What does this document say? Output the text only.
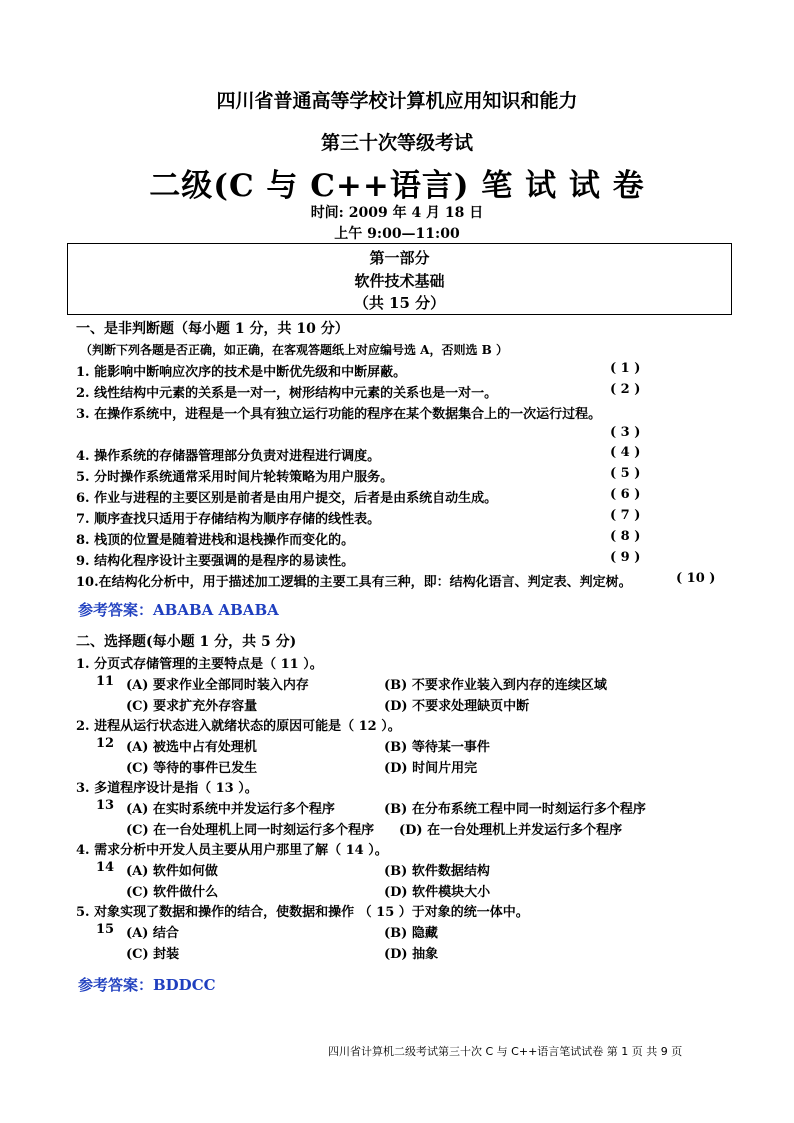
四川省普通高等学校计算机应用知识和能力
第三十次等级考试
二级(C 与 C++语言) 笔 试 试 卷
时间: 2009 年 4 月 18 日
上午 9:00—11:00
第一部分
软件技术基础
（共 15 分）
一、是非判断题（每小题 1 分，共 10 分）
（判断下列各题是否正确，如正确，在客观答题纸上对应编号选 A，否则选 B ）
1. 能影响中断响应次序的技术是中断优先级和中断屏蔽。	( 1 )
2. 线性结构中元素的关系是一对一，树形结构中元素的关系也是一对一。	( 2 )
3. 在操作系统中，进程是一个具有独立运行功能的程序在某个数据集合上的一次运行过程。
( 3 )
4. 操作系统的存储器管理部分负责对进程进行调度。	( 4 )
5. 分时操作系统通常采用时间片轮转策略为用户服务。	( 5 )
6. 作业与进程的主要区别是前者是由用户提交，后者是由系统自动生成。	( 6 )
7. 顺序查找只适用于存储结构为顺序存储的线性表。	( 7 )
8. 栈顶的位置是随着进栈和退栈操作而变化的。	( 8 )
9. 结构化程序设计主要强调的是程序的易读性。	( 9 )
10.在结构化分析中，用于描述加工逻辑的主要工具有三种，即：结构化语言、判定表、判定树。	( 10 )
参考答案：ABABA ABABA
二、选择题(每小题 1 分，共 5 分)
1. 分页式存储管理的主要特点是（ 11 ）。
11 (A) 要求作业全部同时装入内存	(B) 不要求作业装入到内存的连续区域
(C) 要求扩充外存容量	(D) 不要求处理缺页中断
2. 进程从运行状态进入就绪状态的原因可能是（ 12 ）。
12 (A) 被选中占有处理机	(B) 等待某一事件
(C) 等待的事件已发生	(D) 时间片用完
3. 多道程序设计是指（ 13 ）。
13 (A) 在实时系统中并发运行多个程序	(B) 在分布系统工程中同一时刻运行多个程序
(C) 在一台处理机上同一时刻运行多个程序 (D) 在一台处理机上并发运行多个程序
4. 需求分析中开发人员主要从用户那里了解（ 14 ）。
14 (A) 软件如何做	(B) 软件数据结构
(C) 软件做什么	(D) 软件模块大小
5. 对象实现了数据和操作的结合，使数据和操作 （ 15 ）于对象的统一体中。
15 (A) 结合	(B) 隐藏
(C) 封装	(D) 抽象
参考答案：BDDCC
四川省计算机二级考试第三十次 C 与 C++语言笔试试卷 第 1 页 共 9 页
